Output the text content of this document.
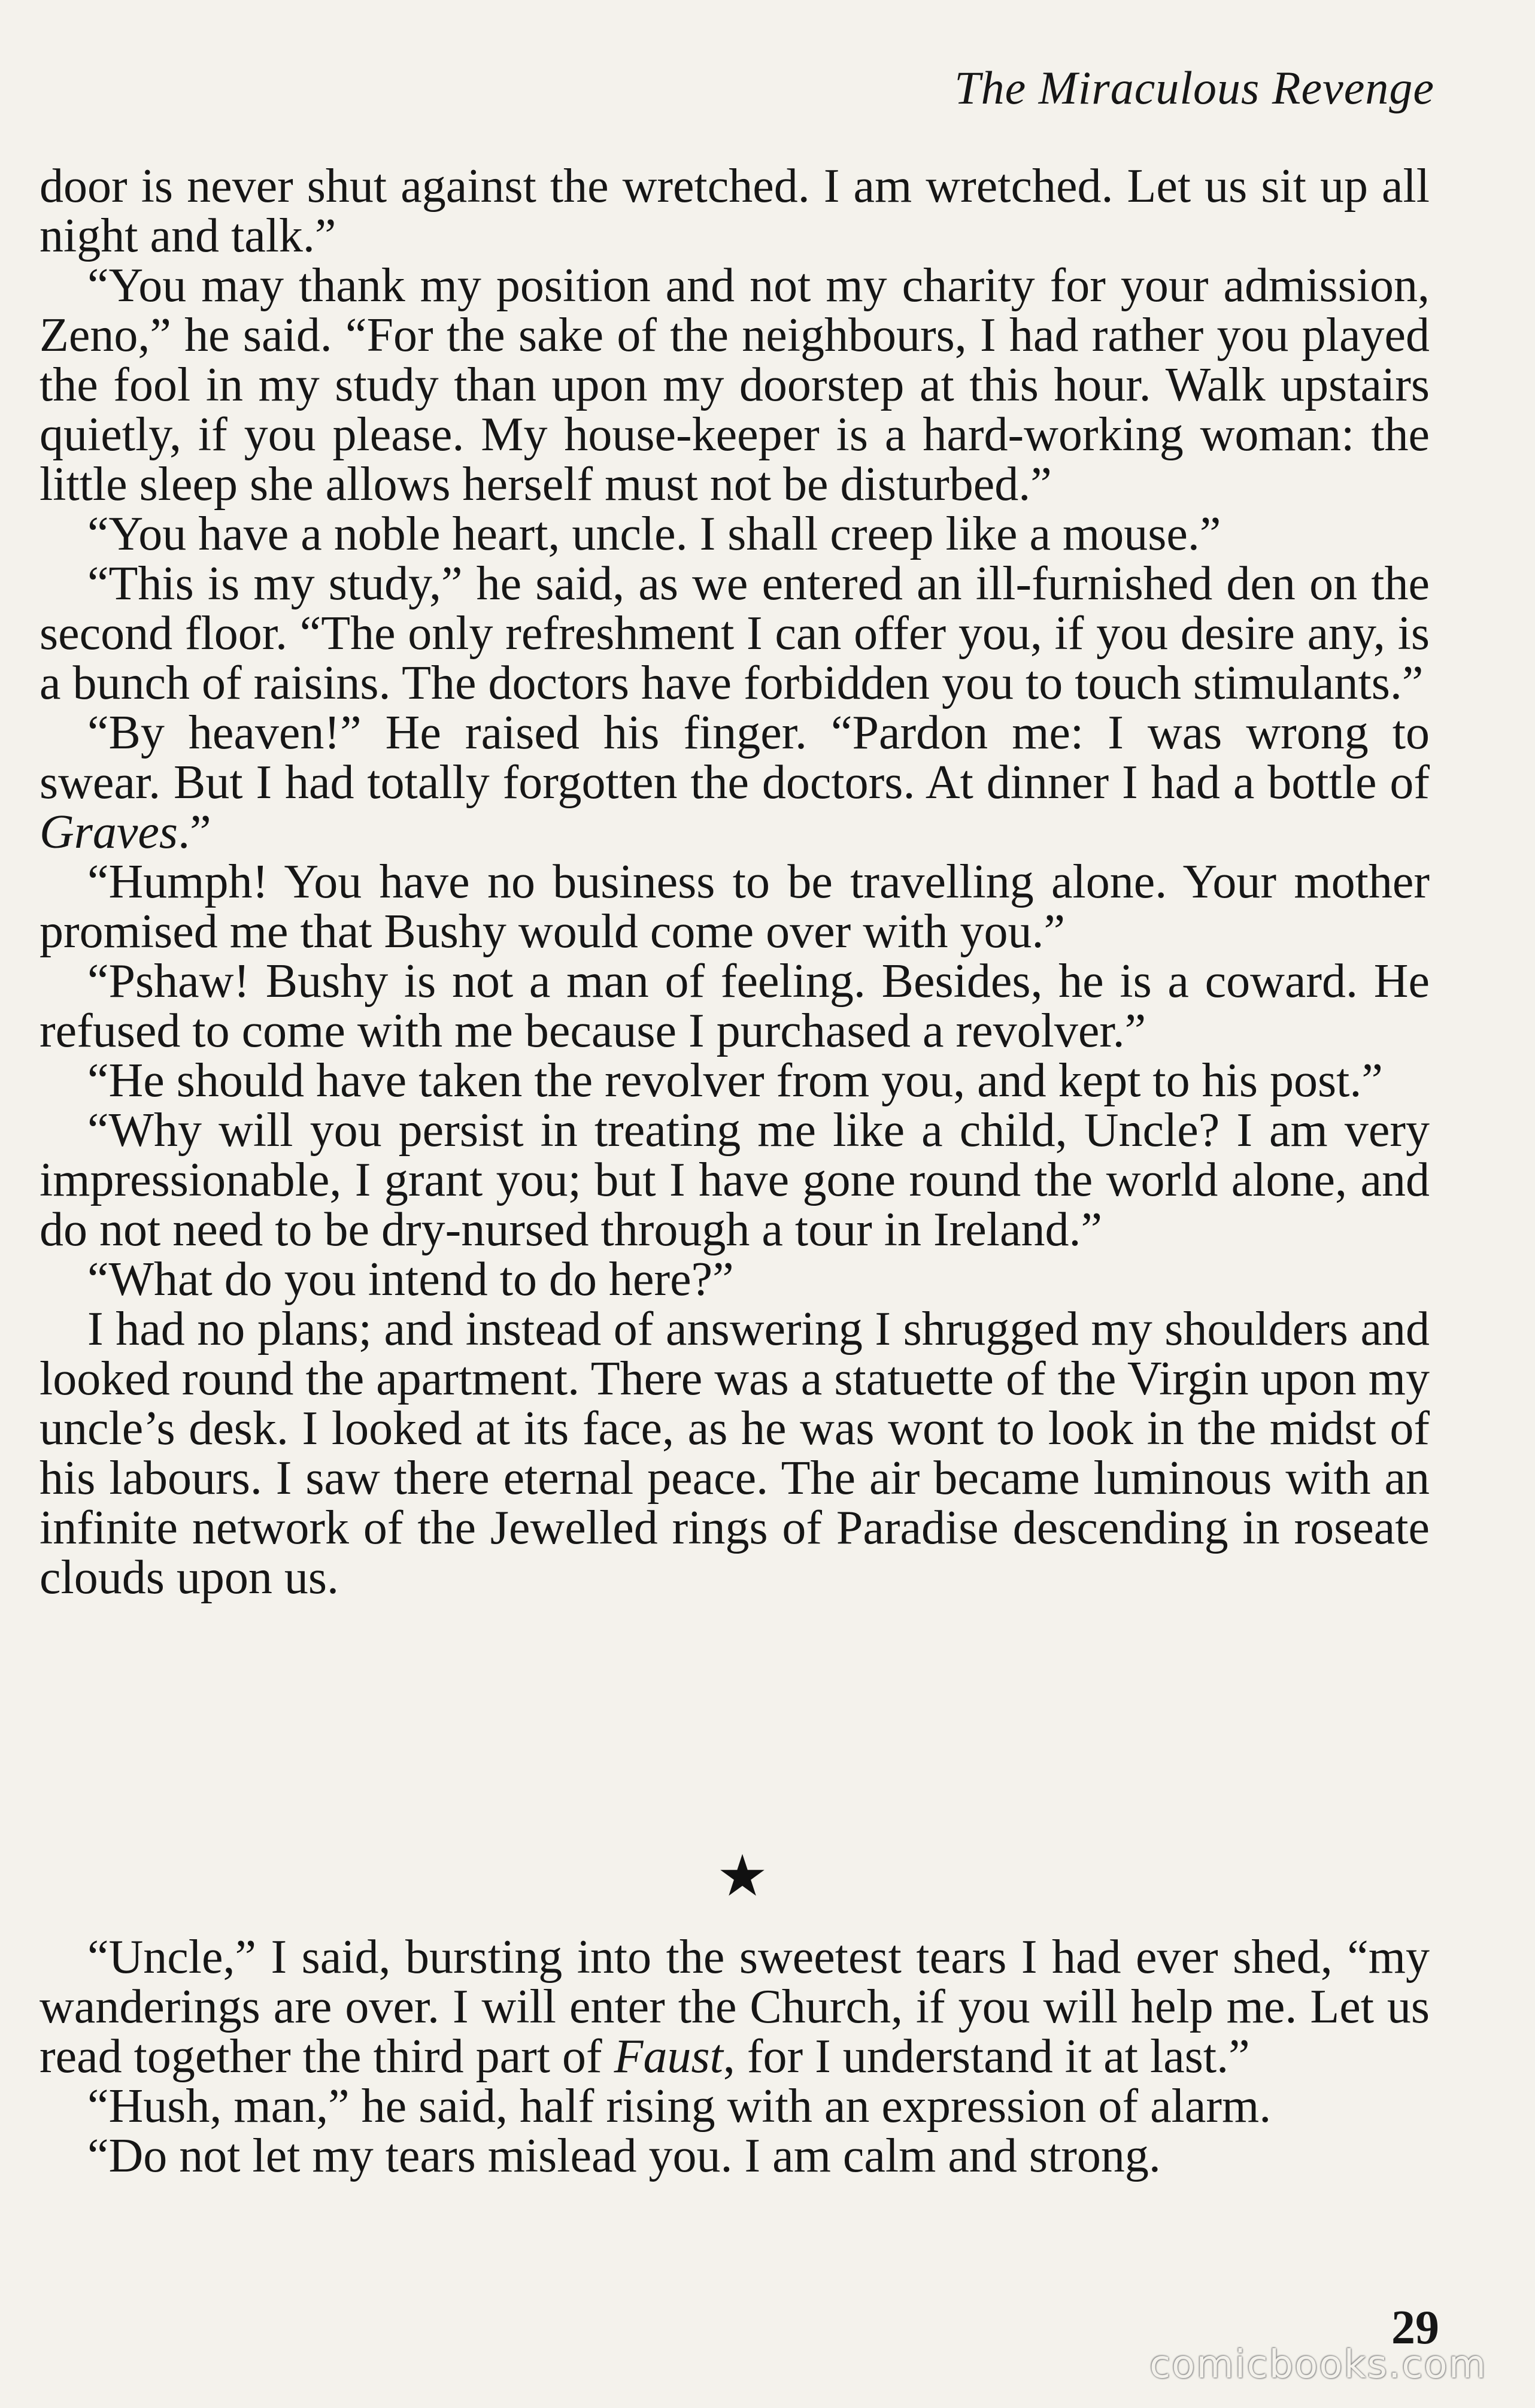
The Miraculous Revenge

door is never shut against the wretched. I am wretched. Let us sit up all night and talk.”

“You may thank my position and not my charity for your admission, Zeno,” he said. “For the sake of the neighbours, I had rather you played the fool in my study than upon my doorstep at this hour. Walk upstairs quietly, if you please. My house-keeper is a hard-working woman: the little sleep she allows herself must not be disturbed.”

“You have a noble heart, uncle. I shall creep like a mouse.”

“This is my study,” he said, as we entered an ill-furnished den on the second floor. “The only refreshment I can offer you, if you desire any, is a bunch of raisins. The doctors have forbidden you to touch stimulants.”

“By heaven!” He raised his finger. “Pardon me: I was wrong to swear. But I had totally forgotten the doctors. At dinner I had a bottle of Graves.”

“Humph! You have no business to be travelling alone. Your mother promised me that Bushy would come over with you.”

“Pshaw! Bushy is not a man of feeling. Besides, he is a coward. He refused to come with me because I purchased a revolver.”

“He should have taken the revolver from you, and kept to his post.”

“Why will you persist in treating me like a child, Uncle? I am very impressionable, I grant you; but I have gone round the world alone, and do not need to be dry-nursed through a tour in Ireland.”

“What do you intend to do here?”

I had no plans; and instead of answering I shrugged my shoulders and looked round the apartment. There was a statuette of the Virgin upon my uncle’s desk. I looked at its face, as he was wont to look in the midst of his labours. I saw there eternal peace. The air became luminous with an infinite network of the Jewelled rings of Paradise descending in roseate clouds upon us.

★

“Uncle,” I said, bursting into the sweetest tears I had ever shed, “my wanderings are over. I will enter the Church, if you will help me. Let us read together the third part of Faust, for I understand it at last.”

“Hush, man,” he said, half rising with an expression of alarm.

“Do not let my tears mislead you. I am calm and strong.

29
comicbooks.com
